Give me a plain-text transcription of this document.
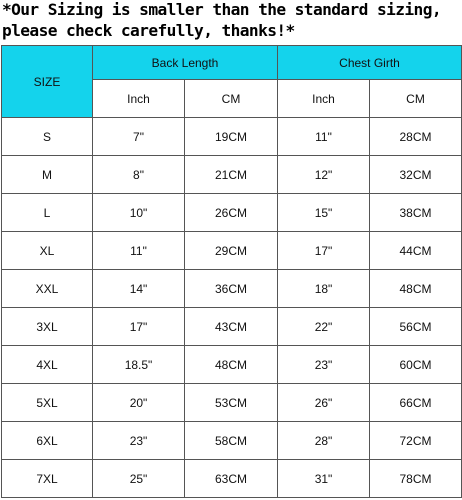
*Our Sizing is smaller than the standard sizing,
please check carefully, thanks!*
SIZE	Back Length		Chest Girth	
	Inch	CM	Inch	CM
S	7"	19CM	11"	28CM
M	8"	21CM	12"	32CM
L	10"	26CM	15"	38CM
XL	11"	29CM	17"	44CM
XXL	14"	36CM	18"	48CM
3XL	17"	43CM	22"	56CM
4XL	18.5"	48CM	23"	60CM
5XL	20"	53CM	26"	66CM
6XL	23"	58CM	28"	72CM
7XL	25"	63CM	31"	78CM
